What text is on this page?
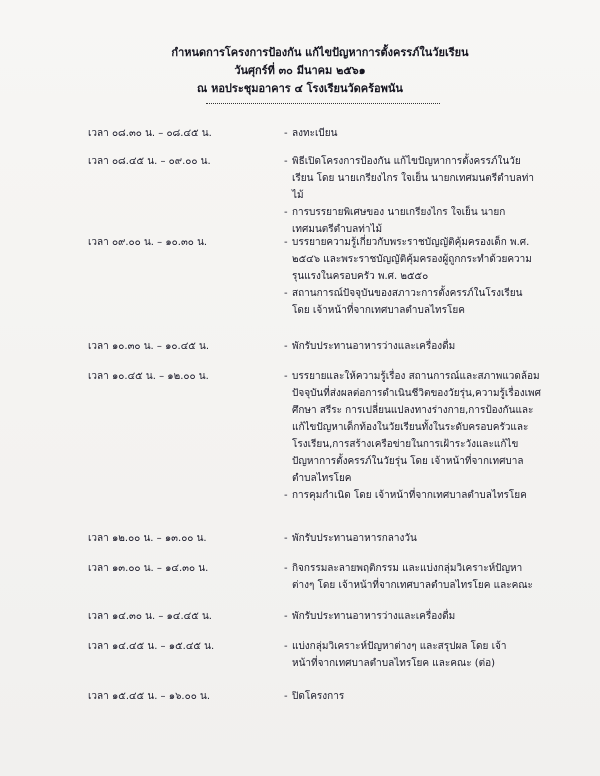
กำหนดการโครงการป้องกัน แก้ไขปัญหาการตั้งครรภ์ในวัยเรียน
วันศุกร์ที่ ๓๐ มีนาคม ๒๕๖๑
ณ หอประชุมอาคาร ๔ โรงเรียนวัดคร้อพนัน
เวลา ๐๘.๓๐ น. – ๐๘.๔๕ น.	- ลงทะเบียน
เวลา ๐๘.๔๕ น. – ๐๙.๐๐ น.	- พิธีเปิดโครงการป้องกัน แก้ไขปัญหาการตั้งครรภ์ในวัยเรียน โดย นายเกรียงไกร ใจเย็น นายกเทศมนตรีตำบลท่าไม้
- การบรรยายพิเศษของ นายเกรียงไกร ใจเย็น นายกเทศมนตรีตำบลท่าไม้
เวลา ๐๙.๐๐ น. – ๑๐.๓๐ น.	- บรรยายความรู้เกี่ยวกับพระราชบัญญัติคุ้มครองเด็ก พ.ศ. ๒๕๔๖ และพระราชบัญญัติคุ้มครองผู้ถูกกระทำด้วยความรุนแรงในครอบครัว พ.ศ. ๒๕๕๐
- สถานการณ์ปัจจุบันของสภาวะการตั้งครรภ์ในโรงเรียน โดย เจ้าหน้าที่จากเทศบาลตำบลไทรโยค
เวลา ๑๐.๓๐ น. – ๑๐.๔๕ น.	- พักรับประทานอาหารว่างและเครื่องดื่ม
เวลา ๑๐.๔๕ น. – ๑๒.๐๐ น.	- บรรยายและให้ความรู้เรื่อง สถานการณ์และสภาพแวดล้อมปัจจุบันที่ส่งผลต่อการดำเนินชีวิตของวัยรุ่น,ความรู้เรื่องเพศศึกษา สรีระ การเปลี่ยนแปลงทางร่างกาย,การป้องกันและแก้ไขปัญหาเด็กท้องในวัยเรียนทั้งในระดับครอบครัวและโรงเรียน,การสร้างเครือข่ายในการเฝ้าระวังและแก้ไขปัญหาการตั้งครรภ์ในวัยรุ่น โดย เจ้าหน้าที่จากเทศบาลตำบลไทรโยค
- การคุมกำเนิด โดย เจ้าหน้าที่จากเทศบาลตำบลไทรโยค
เวลา ๑๒.๐๐ น. – ๑๓.๐๐ น.	- พักรับประทานอาหารกลางวัน
เวลา ๑๓.๐๐ น. – ๑๔.๓๐ น.	- กิจกรรมละลายพฤติกรรม และแบ่งกลุ่มวิเคราะห์ปัญหาต่างๆ โดย เจ้าหน้าที่จากเทศบาลตำบลไทรโยค และคณะ
เวลา ๑๔.๓๐ น. – ๑๔.๔๕ น.	- พักรับประทานอาหารว่างและเครื่องดื่ม
เวลา ๑๔.๔๕ น. – ๑๕.๔๕ น.	- แบ่งกลุ่มวิเคราะห์ปัญหาต่างๆ และสรุปผล โดย เจ้าหน้าที่จากเทศบาลตำบลไทรโยค และคณะ (ต่อ)
เวลา ๑๕.๔๕ น. – ๑๖.๐๐ น.	- ปิดโครงการ
